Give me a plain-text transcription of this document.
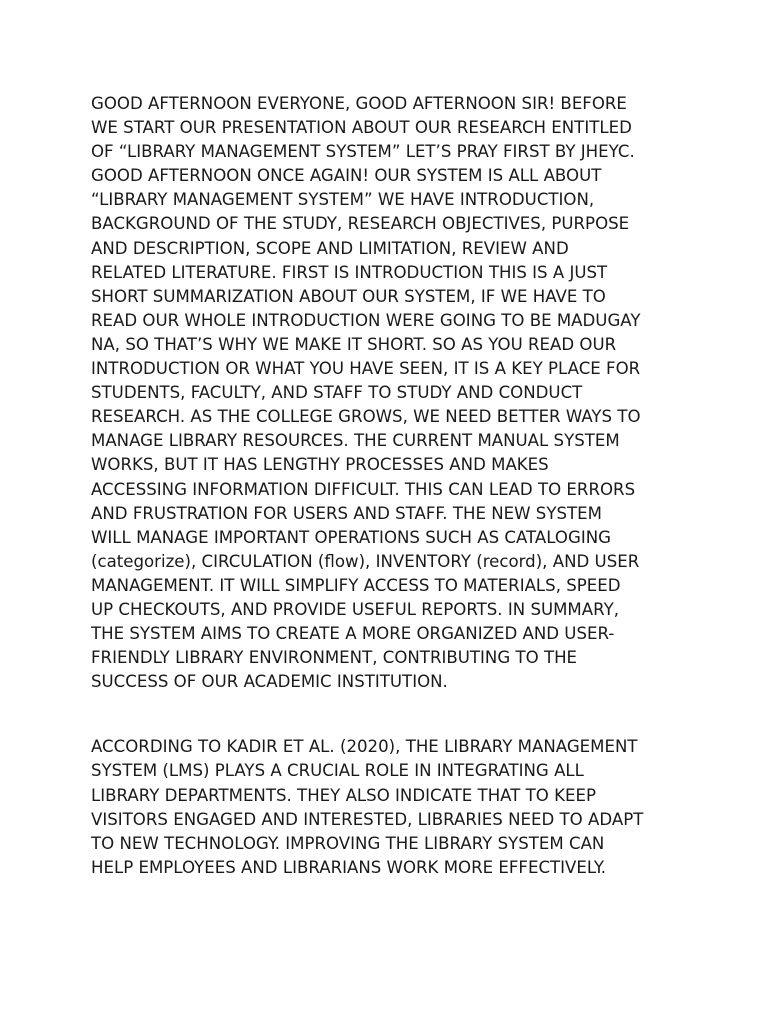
GOOD AFTERNOON EVERYONE, GOOD AFTERNOON SIR! BEFORE
WE START OUR PRESENTATION ABOUT OUR RESEARCH ENTITLED
OF “LIBRARY MANAGEMENT SYSTEM” LET’S PRAY FIRST BY JHEYC.
GOOD AFTERNOON ONCE AGAIN! OUR SYSTEM IS ALL ABOUT
“LIBRARY MANAGEMENT SYSTEM” WE HAVE INTRODUCTION,
BACKGROUND OF THE STUDY, RESEARCH OBJECTIVES, PURPOSE
AND DESCRIPTION, SCOPE AND LIMITATION, REVIEW AND
RELATED LITERATURE. FIRST IS INTRODUCTION THIS IS A JUST
SHORT SUMMARIZATION ABOUT OUR SYSTEM, IF WE HAVE TO
READ OUR WHOLE INTRODUCTION WERE GOING TO BE MADUGAY
NA, SO THAT’S WHY WE MAKE IT SHORT. SO AS YOU READ OUR
INTRODUCTION OR WHAT YOU HAVE SEEN, IT IS A KEY PLACE FOR
STUDENTS, FACULTY, AND STAFF TO STUDY AND CONDUCT
RESEARCH. AS THE COLLEGE GROWS, WE NEED BETTER WAYS TO
MANAGE LIBRARY RESOURCES. THE CURRENT MANUAL SYSTEM
WORKS, BUT IT HAS LENGTHY PROCESSES AND MAKES
ACCESSING INFORMATION DIFFICULT. THIS CAN LEAD TO ERRORS
AND FRUSTRATION FOR USERS AND STAFF. THE NEW SYSTEM
WILL MANAGE IMPORTANT OPERATIONS SUCH AS CATALOGING
(categorize), CIRCULATION (flow), INVENTORY (record), AND USER
MANAGEMENT. IT WILL SIMPLIFY ACCESS TO MATERIALS, SPEED
UP CHECKOUTS, AND PROVIDE USEFUL REPORTS. IN SUMMARY,
THE SYSTEM AIMS TO CREATE A MORE ORGANIZED AND USER-
FRIENDLY LIBRARY ENVIRONMENT, CONTRIBUTING TO THE
SUCCESS OF OUR ACADEMIC INSTITUTION.

ACCORDING TO KADIR ET AL. (2020), THE LIBRARY MANAGEMENT
SYSTEM (LMS) PLAYS A CRUCIAL ROLE IN INTEGRATING ALL
LIBRARY DEPARTMENTS. THEY ALSO INDICATE THAT TO KEEP
VISITORS ENGAGED AND INTERESTED, LIBRARIES NEED TO ADAPT
TO NEW TECHNOLOGY. IMPROVING THE LIBRARY SYSTEM CAN
HELP EMPLOYEES AND LIBRARIANS WORK MORE EFFECTIVELY.
